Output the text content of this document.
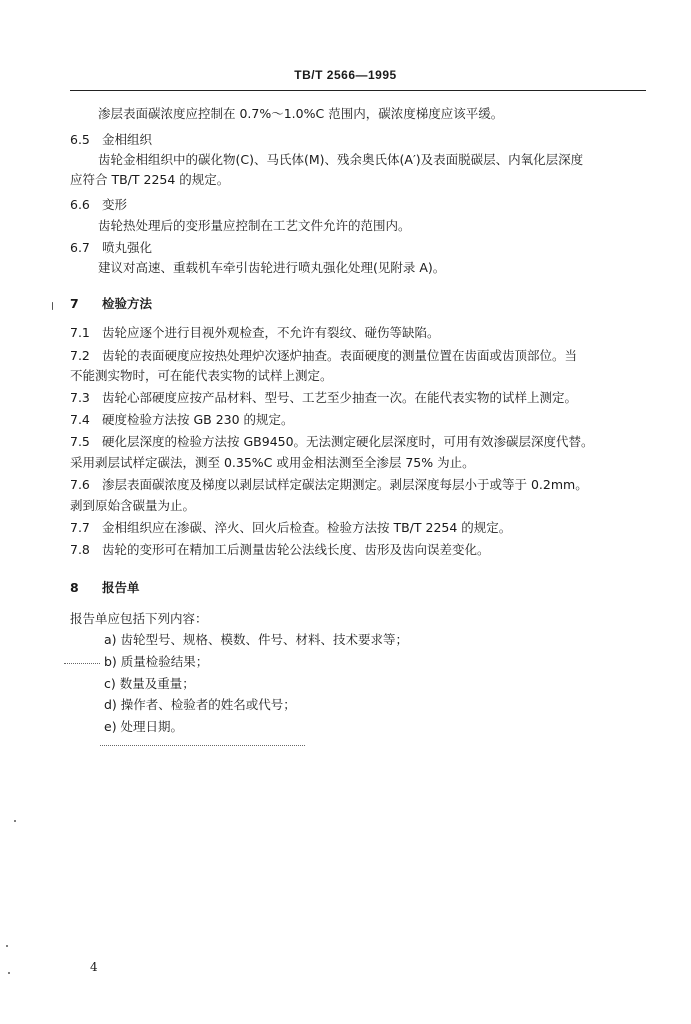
TB/T 2566—1995
渗层表面碳浓度应控制在 0.7%～1.0%C 范围内，碳浓度梯度应该平缓。
6.5 金相组织
齿轮金相组织中的碳化物(C)、马氏体(M)、残余奥氏体(A′)及表面脱碳层、内氧化层深度
应符合 TB/T 2254 的规定。
6.6 变形
齿轮热处理后的变形量应控制在工艺文件允许的范围内。
6.7 喷丸强化
建议对高速、重载机车牵引齿轮进行喷丸强化处理(见附录 A)。
7 检验方法
7.1 齿轮应逐个进行目视外观检查，不允许有裂纹、碰伤等缺陷。
7.2 齿轮的表面硬度应按热处理炉次逐炉抽查。表面硬度的测量位置在齿面或齿顶部位。当
不能测实物时，可在能代表实物的试样上测定。
7.3 齿轮心部硬度应按产品材料、型号、工艺至少抽查一次。在能代表实物的试样上测定。
7.4 硬度检验方法按 GB 230 的规定。
7.5 硬化层深度的检验方法按 GB9450。无法测定硬化层深度时，可用有效渗碳层深度代替。
采用剥层试样定碳法，测至 0.35%C 或用金相法测至全渗层 75% 为止。
7.6 渗层表面碳浓度及梯度以剥层试样定碳法定期测定。剥层深度每层小于或等于 0.2mm。
剥到原始含碳量为止。
7.7 金相组织应在渗碳、淬火、回火后检查。检验方法按 TB/T 2254 的规定。
7.8 齿轮的变形可在精加工后测量齿轮公法线长度、齿形及齿向误差变化。
8 报告单
报告单应包括下列内容：
a) 齿轮型号、规格、模数、件号、材料、技术要求等；
b) 质量检验结果；
c) 数量及重量；
d) 操作者、检验者的姓名或代号；
e) 处理日期。
4
